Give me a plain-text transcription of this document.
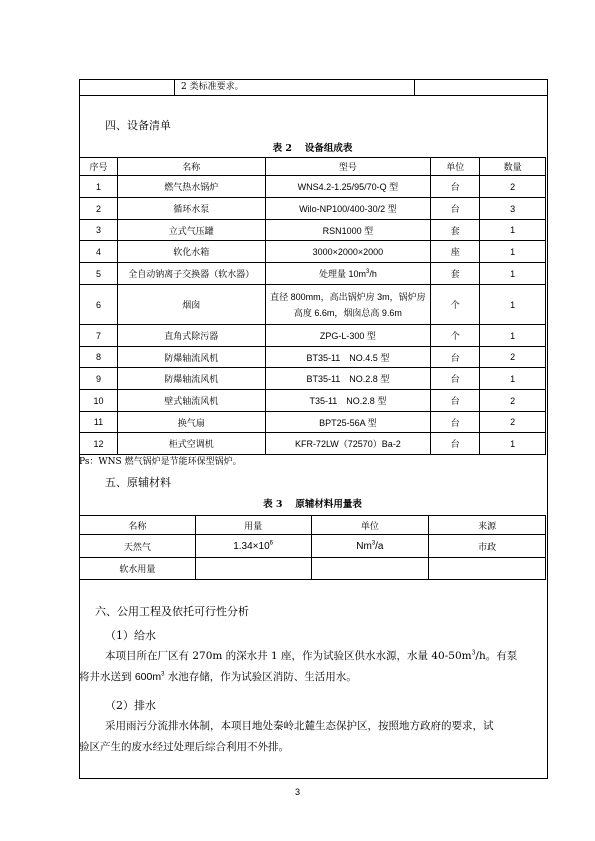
2 类标准要求。
四、设备清单
表 2　 设备组成表
序号	名称	型号	单位	数量
1	燃气热水锅炉	WNS4.2-1.25/95/70-Q 型	台	2
2	循环水泵	Wilo-NP100/400-30/2 型	台	3
3	立式气压罐	RSN1000 型	套	1
4	软化水箱	3000×2000×2000	座	1
5	全自动钠离子交换器（软水器）	处理量 $10m^3/h$	套	1
6	烟囱	直径 800mm，高出锅炉房 3m，锅炉房高度 6.6m，烟囱总高 9.6m	个	1
7	直角式除污器	ZPG-L-300 型	个	1
8	防爆轴流风机	BT35-11　NO.4.5 型	台	2
9	防爆轴流风机	BT35-11　NO.2.8 型	台	1
10	壁式轴流风机	T35-11　NO.2.8 型	台	2
11	换气扇	BPT25-56A 型	台	2
12	柜式空调机	KFR-72LW（72570）Ba-2	台	1
Ps：WNS 燃气锅炉是节能环保型锅炉。
五、原辅材料
表 3　 原辅材料用量表
名称	用量	单位	来源
天然气	$1.34\times 10^6$	Nm$^3$/a	市政
软水用量			
六、公用工程及依托可行性分析
（1）给水
本项目所在厂区有 270m 的深水井 1 座，作为试验区供水水源，水量 $40-50m^3/h$。有泵
将井水送到 $600m^3$ 水池存储，作为试验区消防、生活用水。
（2）排水
采用雨污分流排水体制，本项目地处秦岭北麓生态保护区，按照地方政府的要求，试
验区产生的废水经过处理后综合利用不外排。
3
